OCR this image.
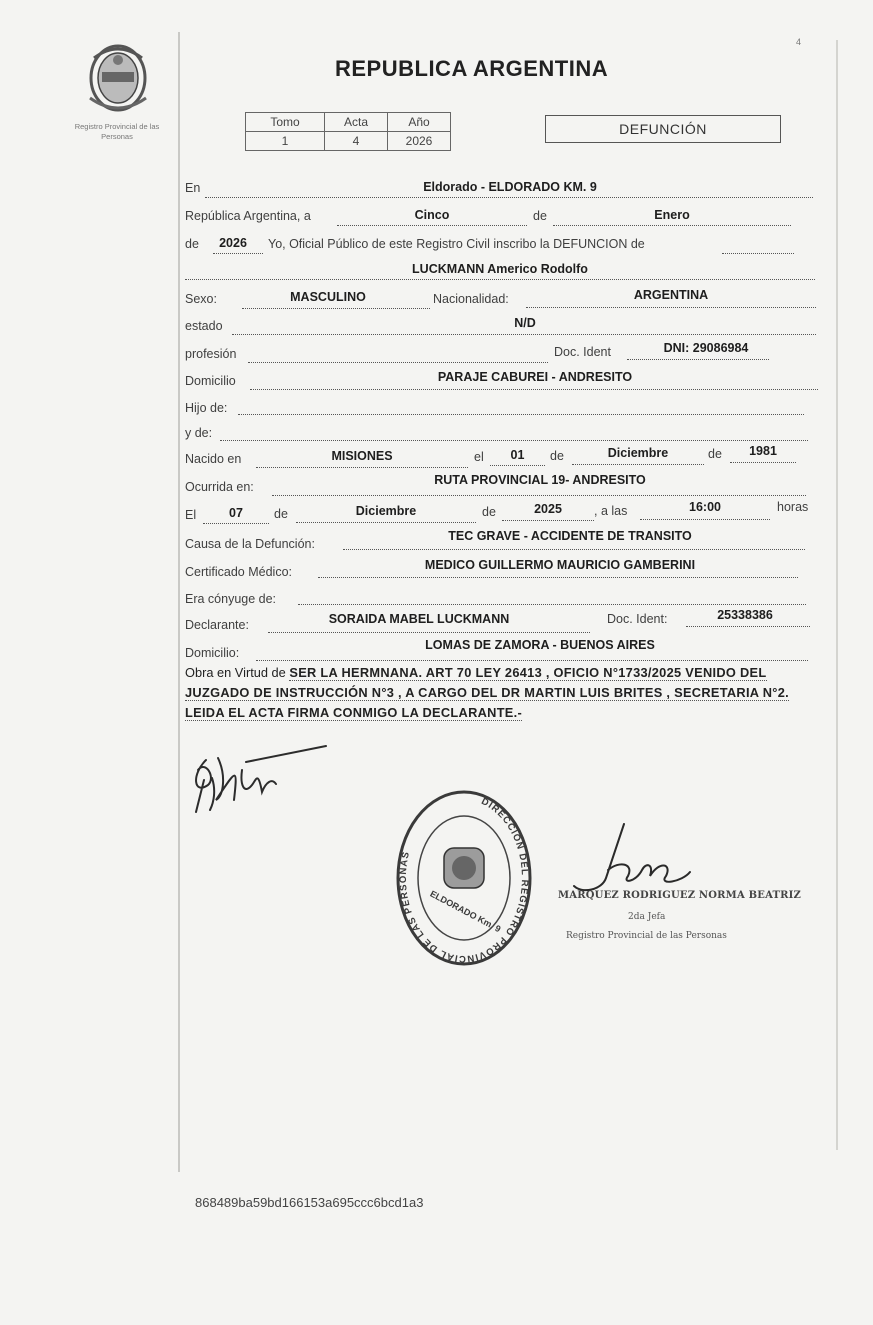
4
Registro Provincial de las Personas
REPUBLICA ARGENTINA
Tomo	Acta	Año
1	4	2026
DEFUNCIÓN
En	Eldorado - ELDORADO KM. 9
República Argentina, a	Cinco	de	Enero
de	2026	Yo, Oficial Público de este Registro Civil inscribo la DEFUNCION de
LUCKMANN Americo Rodolfo
Sexo:	MASCULINO	Nacionalidad:	ARGENTINA
estado	N/D
profesión	Doc. Ident	DNI: 29086984
Domicilio	PARAJE CABUREI - ANDRESITO
Hijo de:
y de:
Nacido en	MISIONES	el	01	de	Diciembre	de	1981
Ocurrida en:	RUTA PROVINCIAL 19- ANDRESITO
El	07	de	Diciembre	de	2025	, a las	16:00	horas
Causa de la Defunción:
TEC GRAVE - ACCIDENTE DE TRANSITO
Certificado Médico:	MEDICO GUILLERMO MAURICIO GAMBERINI
Era cónyuge de:
Declarante:	SORAIDA MABEL LUCKMANN	Doc. Ident:	25338386
Domicilio:
LOMAS DE ZAMORA - BUENOS AIRES
Obra en Virtud de SER LA HERMNANA. ART 70 LEY 26413 , OFICIO N°1733/2025 VENIDO DEL JUZGADO DE INSTRUCCIÓN N°3 , A CARGO DEL DR MARTIN LUIS BRITES , SECRETARIA N°2. LEIDA EL ACTA FIRMA CONMIGO LA DECLARANTE.-
DIRECCIÓN DEL REGISTRO PROVINCIAL DE LAS PERSONAS
ELDORADO Km. 9	MARQUEZ RODRIGUEZ NORMA BEATRIZ
2da Jefa
Registro Provincial de las Personas
868489ba59bd166153a695ccc6bcd1a3
